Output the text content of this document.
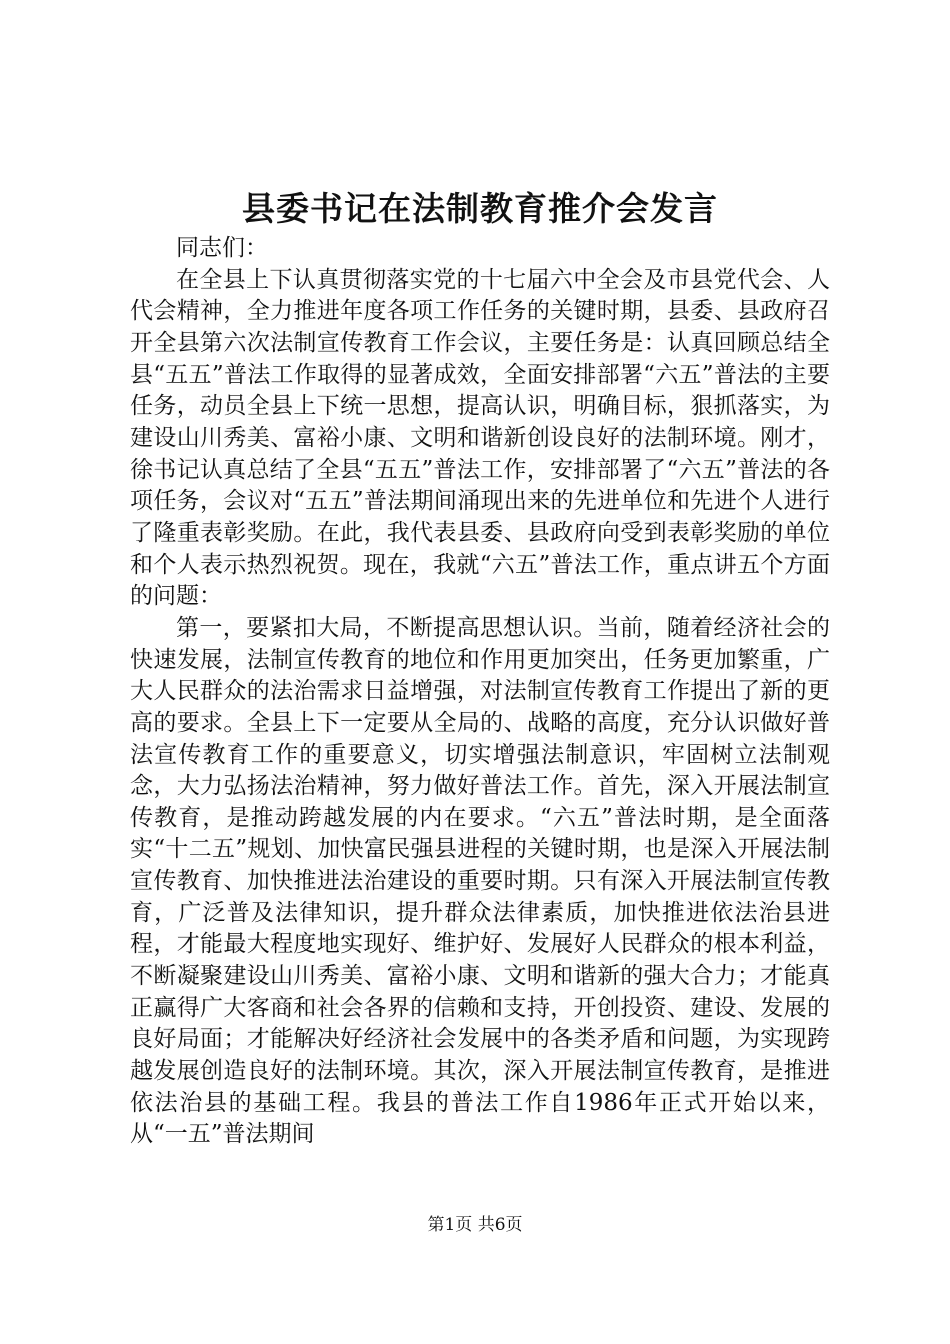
县委书记在法制教育推介会发言

同志们：

在全县上下认真贯彻落实党的十七届六中全会及市县党代会、人代会精神，全力推进年度各项工作任务的关键时期，县委、县政府召开全县第六次法制宣传教育工作会议，主要任务是：认真回顾总结全县“五五”普法工作取得的显著成效，全面安排部署“六五”普法的主要任务，动员全县上下统一思想，提高认识，明确目标，狠抓落实，为建设山川秀美、富裕小康、文明和谐新创设良好的法制环境。刚才，徐书记认真总结了全县“五五”普法工作，安排部署了“六五”普法的各项任务，会议对“五五”普法期间涌现出来的先进单位和先进个人进行了隆重表彰奖励。在此，我代表县委、县政府向受到表彰奖励的单位和个人表示热烈祝贺。现在，我就“六五”普法工作，重点讲五个方面的问题：

第一，要紧扣大局，不断提高思想认识。当前，随着经济社会的快速发展，法制宣传教育的地位和作用更加突出，任务更加繁重，广大人民群众的法治需求日益增强，对法制宣传教育工作提出了新的更高的要求。全县上下一定要从全局的、战略的高度，充分认识做好普法宣传教育工作的重要意义，切实增强法制意识，牢固树立法制观念，大力弘扬法治精神，努力做好普法工作。首先，深入开展法制宣传教育，是推动跨越发展的内在要求。“六五”普法时期，是全面落实“十二五”规划、加快富民强县进程的关键时期，也是深入开展法制宣传教育、加快推进法治建设的重要时期。只有深入开展法制宣传教育，广泛普及法律知识，提升群众法律素质，加快推进依法治县进程，才能最大程度地实现好、维护好、发展好人民群众的根本利益，不断凝聚建设山川秀美、富裕小康、文明和谐新的强大合力；才能真正赢得广大客商和社会各界的信赖和支持，开创投资、建设、发展的良好局面；才能解决好经济社会发展中的各类矛盾和问题，为实现跨越发展创造良好的法制环境。其次，深入开展法制宣传教育，是推进依法治县的基础工程。我县的普法工作自1986年正式开始以来，从“一五”普法期间

第1页 共6页
